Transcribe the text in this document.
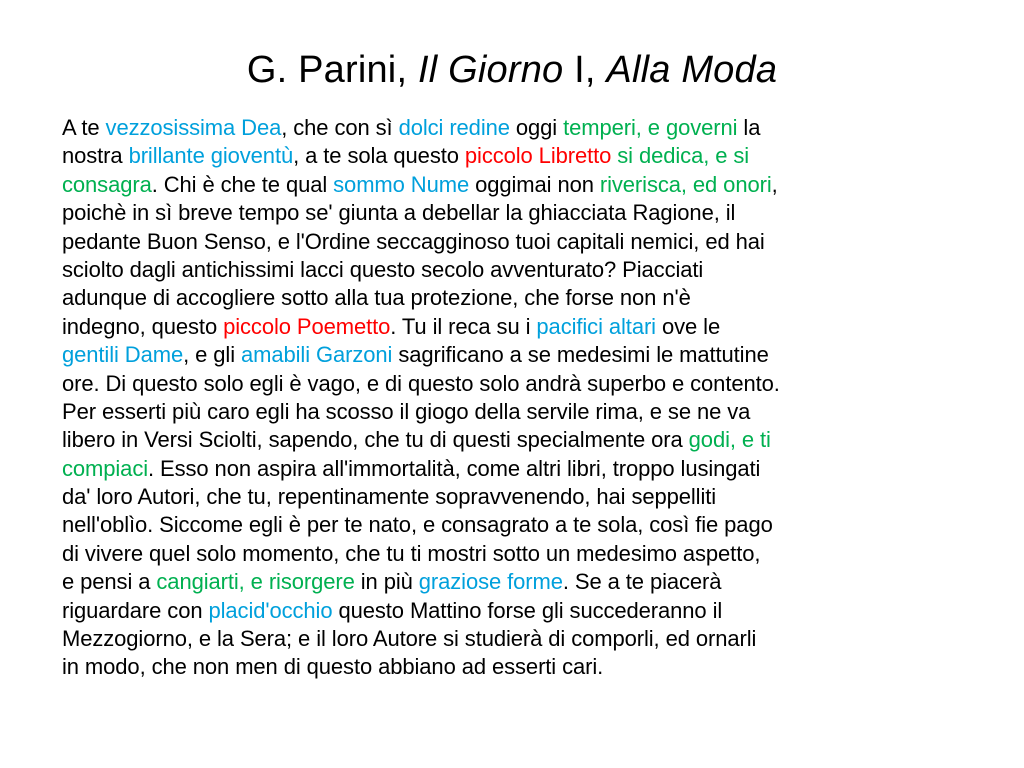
G. Parini, Il Giorno I, Alla Moda
A te vezzosissima Dea, che con sì dolci redine oggi temperi, e governi la
nostra brillante gioventù, a te sola questo piccolo Libretto si dedica, e si
consagra. Chi è che te qual sommo Nume oggimai non riverisca, ed onori,
poichè in sì breve tempo se' giunta a debellar la ghiacciata Ragione, il
pedante Buon Senso, e l'Ordine seccagginoso tuoi capitali nemici, ed hai
sciolto dagli antichissimi lacci questo secolo avventurato? Piacciati
adunque di accogliere sotto alla tua protezione, che forse non n'è
indegno, questo piccolo Poemetto. Tu il reca su i pacifici altari ove le
gentili Dame, e gli amabili Garzoni sagrificano a se medesimi le mattutine
ore. Di questo solo egli è vago, e di questo solo andrà superbo e contento.
Per esserti più caro egli ha scosso il giogo della servile rima, e se ne va
libero in Versi Sciolti, sapendo, che tu di questi specialmente ora godi, e ti
compiaci. Esso non aspira all'immortalità, come altri libri, troppo lusingati
da' loro Autori, che tu, repentinamente sopravvenendo, hai seppelliti
nell'oblìo. Siccome egli è per te nato, e consagrato a te sola, così fie pago
di vivere quel solo momento, che tu ti mostri sotto un medesimo aspetto,
e pensi a cangiarti, e risorgere in più graziose forme. Se a te piacerà
riguardare con placid'occhio questo Mattino forse gli succederanno il
Mezzogiorno, e la Sera; e il loro Autore si studierà di comporli, ed ornarli
in modo, che non men di questo abbiano ad esserti cari.
